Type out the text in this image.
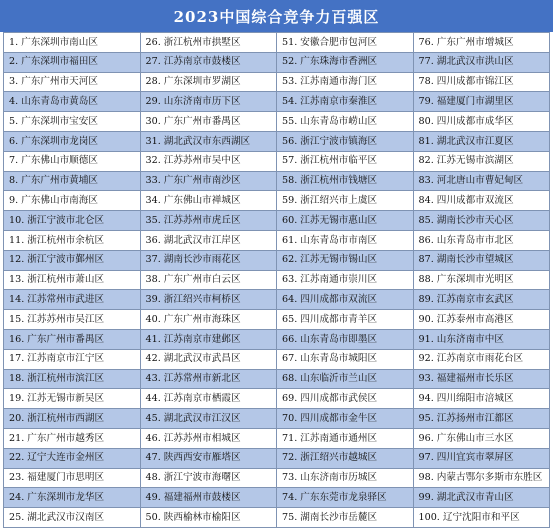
2023中国综合竞争力百强区
1. 广东深圳市南山区
2. 广东深圳市福田区
3. 广东广州市天河区
4. 山东青岛市黄岛区
5. 广东深圳市宝安区
6. 广东深圳市龙岗区
7. 广东佛山市顺德区
8. 广东广州市黄埔区
9. 广东佛山市南海区
10. 浙江宁波市北仑区
11. 浙江杭州市余杭区
12. 浙江宁波市鄞州区
13. 浙江杭州市萧山区
14. 江苏常州市武进区
15. 江苏苏州市吴江区
16. 广东广州市番禺区
17. 江苏南京市江宁区
18. 浙江杭州市滨江区
19. 江苏无锡市新吴区
20. 浙江杭州市西湖区
21. 广东广州市越秀区
22. 辽宁大连市金州区
23. 福建厦门市思明区
24. 广东深圳市龙华区
25. 湖北武汉市汉南区
26. 浙江杭州市拱墅区
27. 江苏南京市鼓楼区
28. 广东深圳市罗湖区
29. 山东济南市历下区
30. 广东广州市番禺区
31. 湖北武汉市东西湖区
32. 江苏苏州市吴中区
33. 广东广州市南沙区
34. 广东佛山市禅城区
35. 江苏苏州市虎丘区
36. 湖北武汉市江岸区
37. 湖南长沙市雨花区
38. 广东广州市白云区
39. 浙江绍兴市柯桥区
40. 广东广州市海珠区
41. 江苏南京市建邺区
42. 湖北武汉市武昌区
43. 江苏常州市新北区
44. 江苏南京市栖霞区
45. 湖北武汉市江汉区
46. 江苏苏州市相城区
47. 陕西西安市雁塔区
48. 浙江宁波市海曙区
49. 福建福州市鼓楼区
50. 陕西榆林市榆阳区
51. 安徽合肥市包河区
52. 广东珠海市香洲区
53. 江苏南通市海门区
54. 江苏南京市秦淮区
55. 山东青岛市崂山区
56. 浙江宁波市镇海区
57. 浙江杭州市临平区
58. 浙江杭州市钱塘区
59. 浙江绍兴市上虞区
60. 江苏无锡市惠山区
61. 山东青岛市市南区
62. 江苏无锡市锡山区
63. 江苏南通市崇川区
64. 四川成都市双流区
65. 四川成都市青羊区
66. 山东青岛市即墨区
67. 山东青岛市城阳区
68. 山东临沂市兰山区
69. 四川成都市武侯区
70. 四川成都市金牛区
71. 江苏南通市通州区
72. 浙江绍兴市越城区
73. 山东济南市历城区
74. 广东东莞市龙泉驿区
75. 湖南长沙市岳麓区
76. 广东广州市增城区
77. 湖北武汉市洪山区
78. 四川成都市锦江区
79. 福建厦门市湖里区
80. 四川成都市成华区
81. 湖北武汉市江夏区
82. 江苏无锡市滨湖区
83. 河北唐山市曹妃甸区
84. 四川成都市双流区
85. 湖南长沙市天心区
86. 山东青岛市市北区
87. 湖南长沙市望城区
88. 广东深圳市光明区
89. 江苏南京市玄武区
90. 江苏泰州市高港区
91. 山东济南市中区
92. 江苏南京市雨花台区
93. 福建福州市长乐区
94. 四川绵阳市涪城区
95. 江苏扬州市江都区
96. 广东佛山市三水区
97. 四川宜宾市翠屏区
98. 内蒙古鄂尔多斯市东胜区
99. 湖北武汉市青山区
100. 辽宁沈阳市和平区
